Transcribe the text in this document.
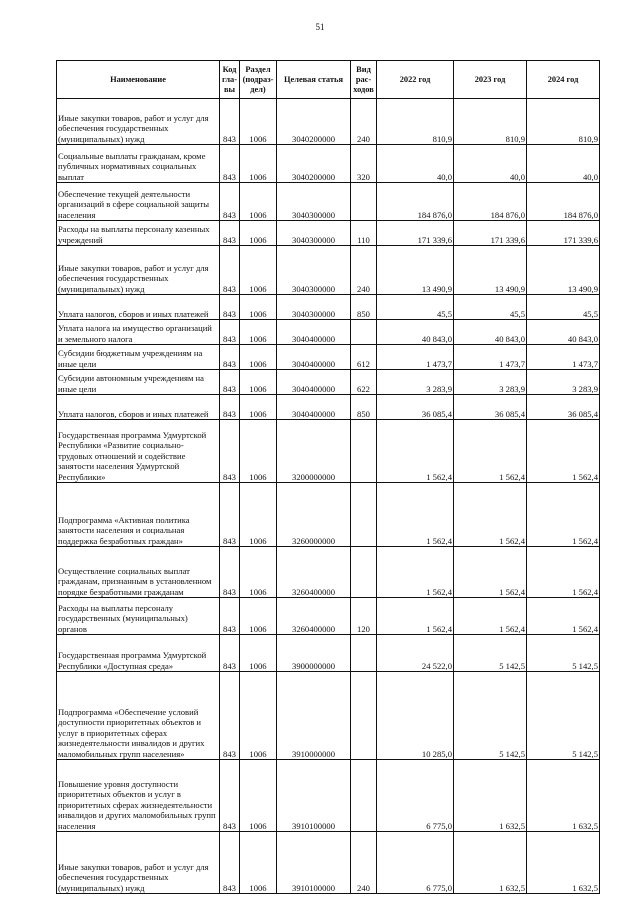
51
Наименование	Код гла-вы	Раздел (подраз-дел)	Целевая статья	Вид рас-ходов	2022 год	2023 год	2024 год
Иные закупки товаров, работ и услуг для обеспечения государственных (муниципальных) нужд	843	1006	3040200000	240	810,9	810,9	810,9
Социальные выплаты гражданам, кроме публичных нормативных социальных выплат	843	1006	3040200000	320	40,0	40,0	40,0
Обеспечение текущей деятельности организаций в сфере социальной защиты населения	843	1006	3040300000		184 876,0	184 876,0	184 876,0
Расходы на выплаты персоналу казенных учреждений	843	1006	3040300000	110	171 339,6	171 339,6	171 339,6
Иные закупки товаров, работ и услуг для обеспечения государственных (муниципальных) нужд	843	1006	3040300000	240	13 490,9	13 490,9	13 490,9
Уплата налогов, сборов и иных платежей	843	1006	3040300000	850	45,5	45,5	45,5
Уплата налога на имущество организаций и земельного налога	843	1006	3040400000		40 843,0	40 843,0	40 843,0
Субсидии бюджетным учреждениям на иные цели	843	1006	3040400000	612	1 473,7	1 473,7	1 473,7
Субсидии автономным учреждениям на иные цели	843	1006	3040400000	622	3 283,9	3 283,9	3 283,9
Уплата налогов, сборов и иных платежей	843	1006	3040400000	850	36 085,4	36 085,4	36 085,4
Государственная программа Удмуртской Республики «Развитие социально-трудовых отношений и содействие занятости населения Удмуртской Республики»	843	1006	3200000000		1 562,4	1 562,4	1 562,4
Подпрограмма «Активная политика занятости населения и социальная поддержка безработных граждан»	843	1006	3260000000		1 562,4	1 562,4	1 562,4
Осуществление социальных выплат гражданам, признанным в установленном порядке безработными гражданам	843	1006	3260400000		1 562,4	1 562,4	1 562,4
Расходы на выплаты персоналу государственных (муниципальных) органов	843	1006	3260400000	120	1 562,4	1 562,4	1 562,4
Государственная программа Удмуртской Республики «Доступная среда»	843	1006	3900000000		24 522,0	5 142,5	5 142,5
Подпрограмма «Обеспечение условий доступности приоритетных объектов и услуг в приоритетных сферах жизнедеятельности инвалидов и других маломобильных групп населения»	843	1006	3910000000		10 285,0	5 142,5	5 142,5
Повышение уровня доступности приоритетных объектов и услуг в приоритетных сферах жизнедеятельности инвалидов и других маломобильных групп населения	843	1006	3910100000		6 775,0	1 632,5	1 632,5
Иные закупки товаров, работ и услуг для обеспечения государственных (муниципальных) нужд	843	1006	3910100000	240	6 775,0	1 632,5	1 632,5
